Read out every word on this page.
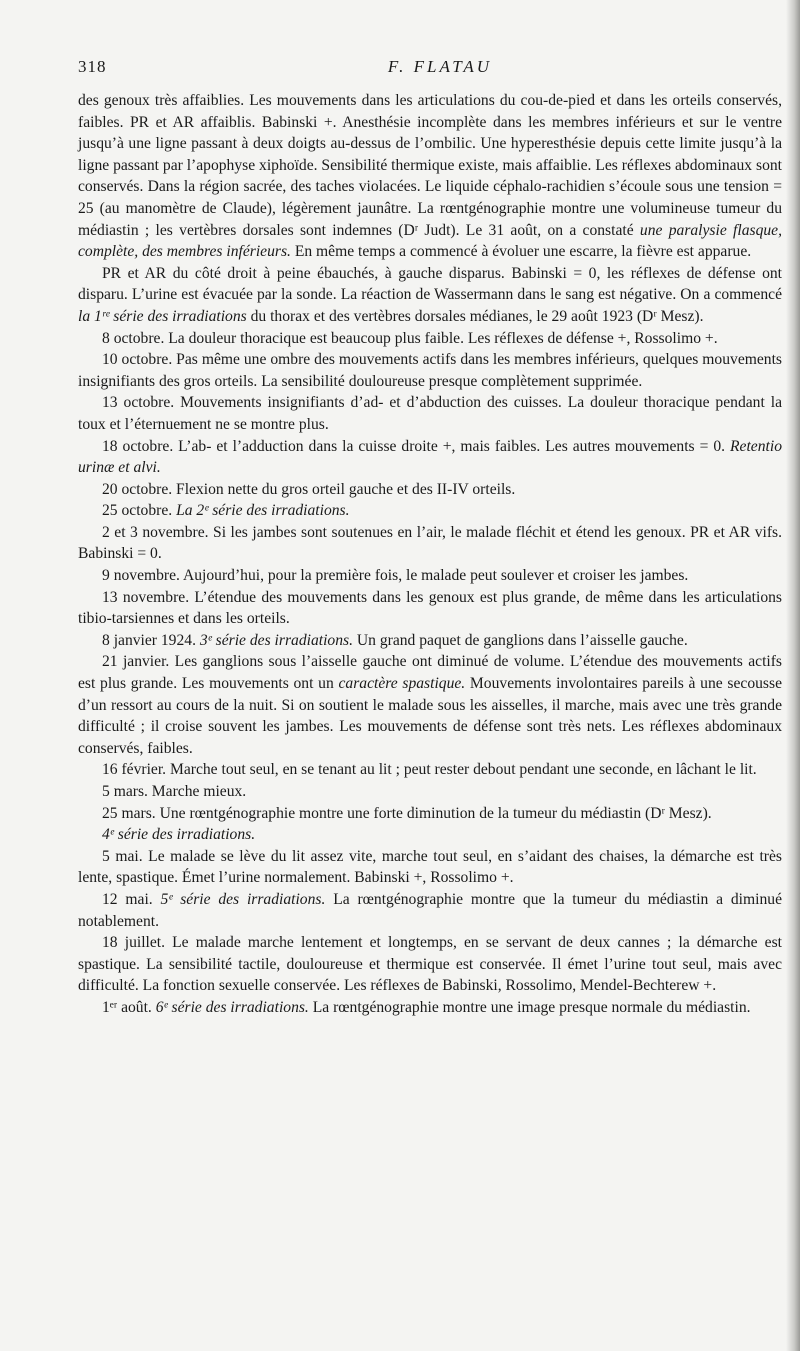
318	F. FLATAU

des genoux très affaiblies. Les mouvements dans les articulations du cou-de-pied et dans les orteils conservés, faibles. PR et AR affaiblis. Babinski +. Anesthésie incomplète dans les membres inférieurs et sur le ventre jusqu’à une ligne passant à deux doigts au-dessus de l’ombilic. Une hyperesthésie depuis cette limite jusqu’à la ligne passant par l’apophyse xiphoïde. Sensibilité thermique existe, mais affaiblie. Les réflexes abdominaux sont conservés. Dans la région sacrée, des taches violacées. Le liquide céphalo-rachidien s’écoule sous une tension = 25 (au manomètre de Claude), légèrement jaunâtre. La rœntgénographie montre une volumineuse tumeur du médiastin ; les vertèbres dorsales sont indemnes (Dʳ Judt). Le 31 août, on a constaté une paralysie flasque, complète, des membres inférieurs. En même temps a commencé à évoluer une escarre, la fièvre est apparue.

PR et AR du côté droit à peine ébauchés, à gauche disparus. Babinski = 0, les réflexes de défense ont disparu. L’urine est évacuée par la sonde. La réaction de Wassermann dans le sang est négative. On a commencé la 1ʳᵉ série des irradiations du thorax et des vertèbres dorsales médianes, le 29 août 1923 (Dʳ Mesz).

8 octobre. La douleur thoracique est beaucoup plus faible. Les réflexes de défense +, Rossolimo +.

10 octobre. Pas même une ombre des mouvements actifs dans les membres inférieurs, quelques mouvements insignifiants des gros orteils. La sensibilité douloureuse presque complètement supprimée.

13 octobre. Mouvements insignifiants d’ad- et d’abduction des cuisses. La douleur thoracique pendant la toux et l’éternuement ne se montre plus.

18 octobre. L’ab- et l’adduction dans la cuisse droite +, mais faibles. Les autres mouvements = 0. Retentio urinæ et alvi.

20 octobre. Flexion nette du gros orteil gauche et des II-IV orteils.

25 octobre. La 2ᵉ série des irradiations.

2 et 3 novembre. Si les jambes sont soutenues en l’air, le malade fléchit et étend les genoux. PR et AR vifs. Babinski = 0.

9 novembre. Aujourd’hui, pour la première fois, le malade peut soulever et croiser les jambes.

13 novembre. L’étendue des mouvements dans les genoux est plus grande, de même dans les articulations tibio-tarsiennes et dans les orteils.

8 janvier 1924. 3ᵉ série des irradiations. Un grand paquet de ganglions dans l’aisselle gauche.

21 janvier. Les ganglions sous l’aisselle gauche ont diminué de volume. L’étendue des mouvements actifs est plus grande. Les mouvements ont un caractère spastique. Mouvements involontaires pareils à une secousse d’un ressort au cours de la nuit. Si on soutient le malade sous les aisselles, il marche, mais avec une très grande difficulté ; il croise souvent les jambes. Les mouvements de défense sont très nets. Les réflexes abdominaux conservés, faibles.

16 février. Marche tout seul, en se tenant au lit ; peut rester debout pendant une seconde, en lâchant le lit.

5 mars. Marche mieux.

25 mars. Une rœntgénographie montre une forte diminution de la tumeur du médiastin (Dʳ Mesz).

4ᵉ série des irradiations.

5 mai. Le malade se lève du lit assez vite, marche tout seul, en s’aidant des chaises, la démarche est très lente, spastique. Émet l’urine normalement. Babinski +, Rossolimo +.

12 mai. 5ᵉ série des irradiations. La rœntgénographie montre que la tumeur du médiastin a diminué notablement.

18 juillet. Le malade marche lentement et longtemps, en se servant de deux cannes ; la démarche est spastique. La sensibilité tactile, douloureuse et thermique est conservée. Il émet l’urine tout seul, mais avec difficulté. La fonction sexuelle conservée. Les réflexes de Babinski, Rossolimo, Mendel-Bechterew +.

1ᵉʳ août. 6ᵉ série des irradiations. La rœntgénographie montre une image presque normale du médiastin.
